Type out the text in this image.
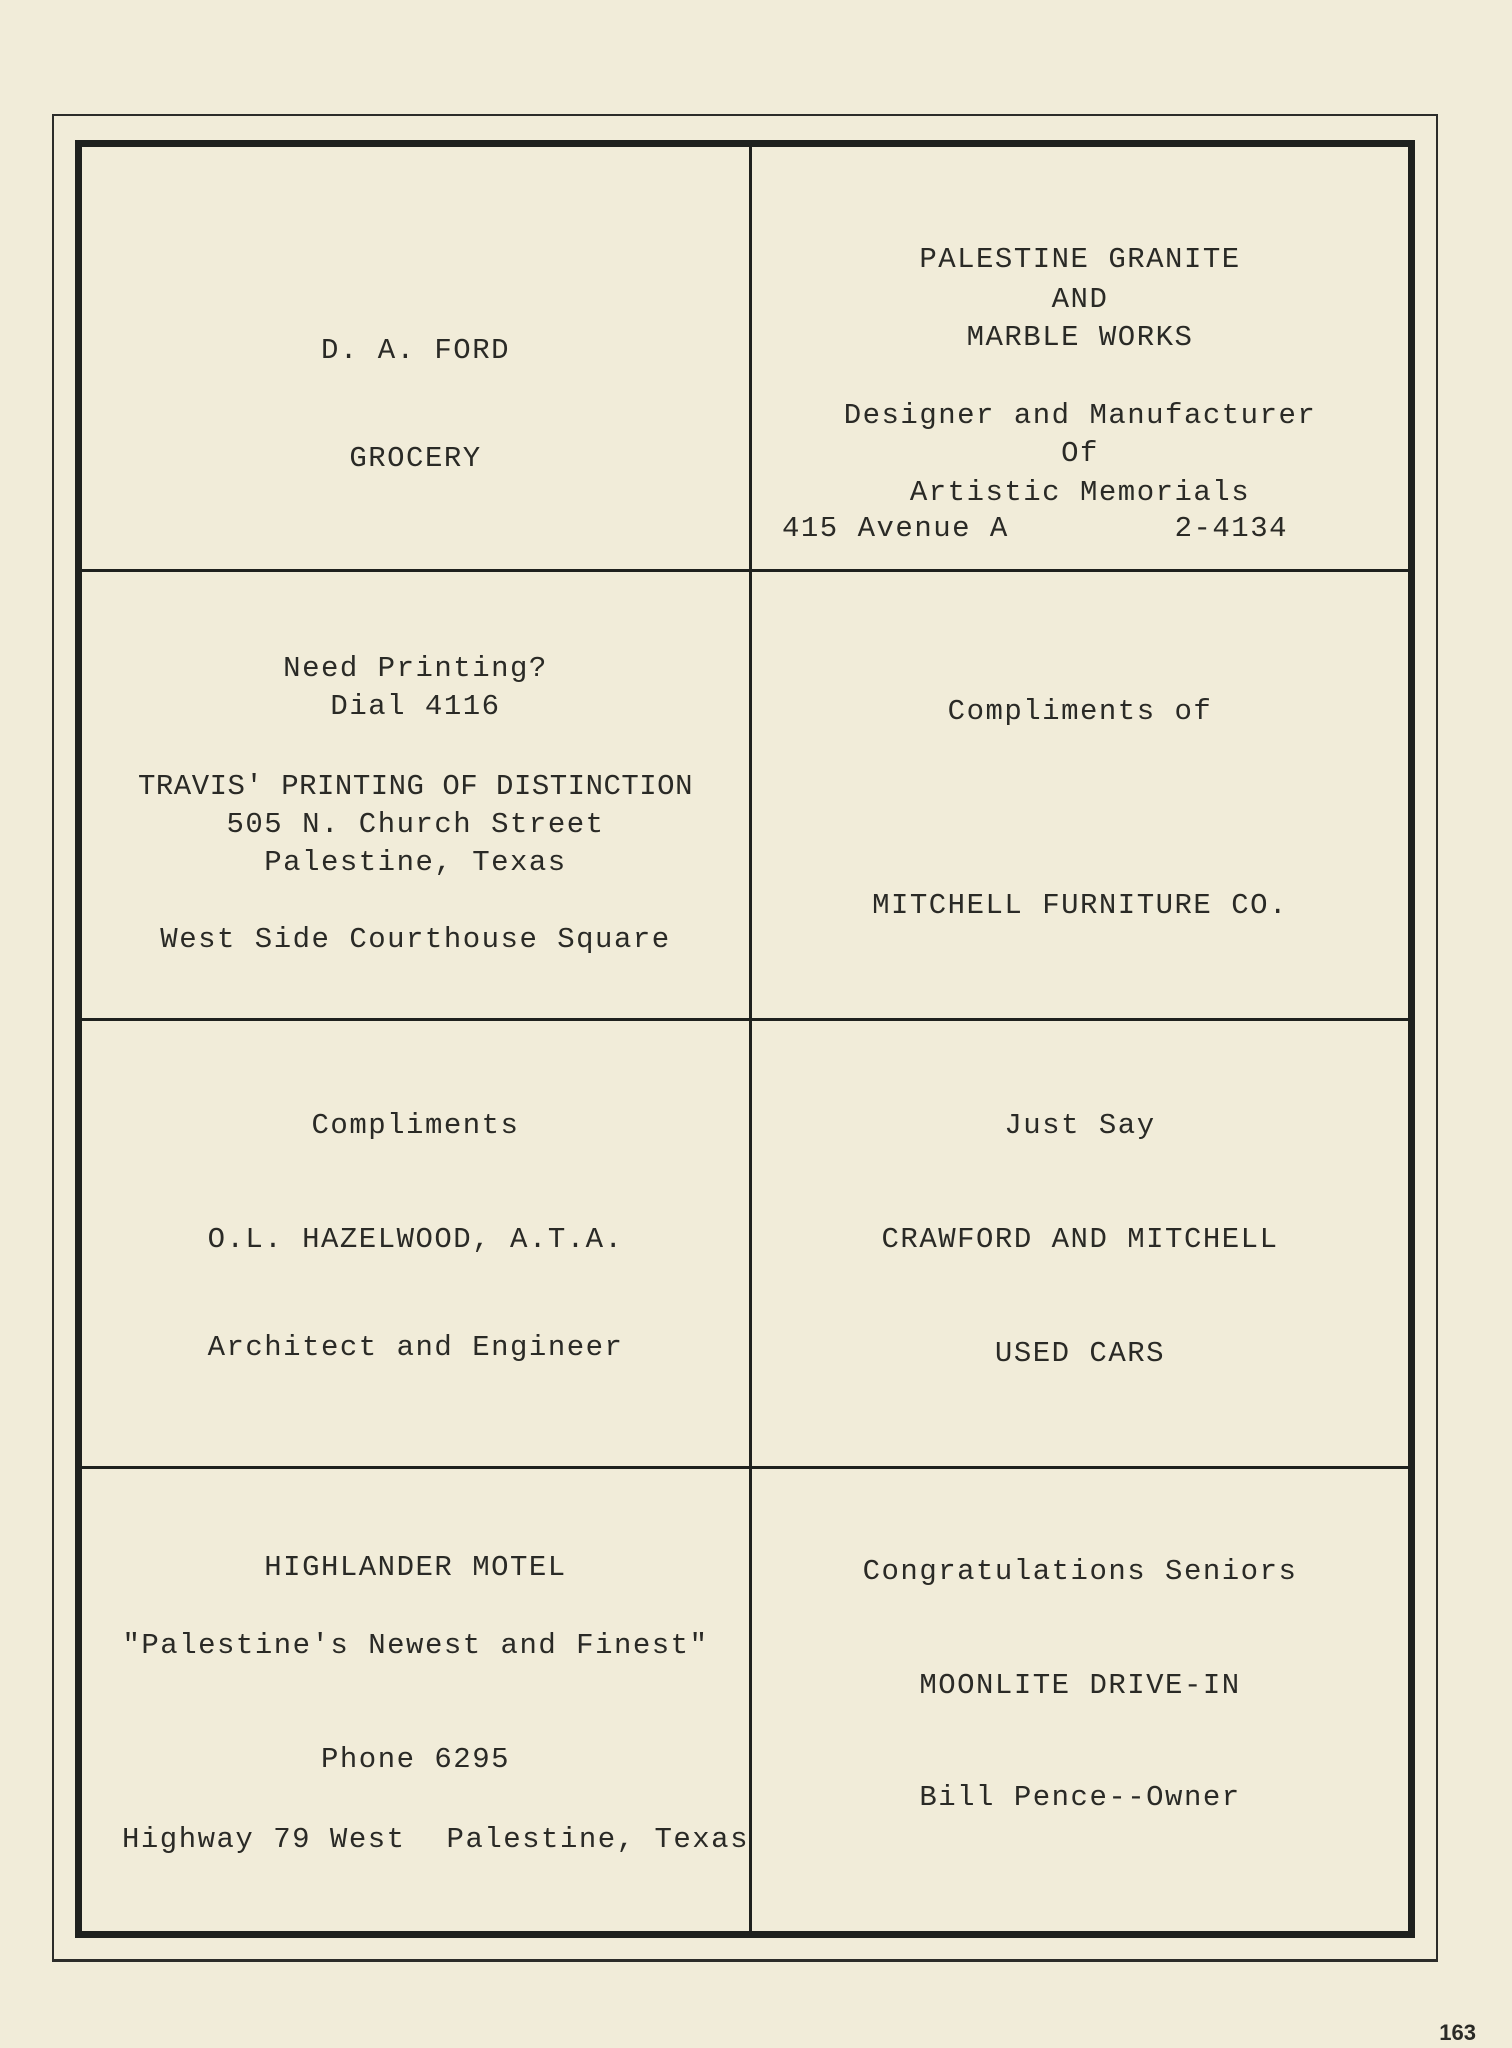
D. A. FORD
GROCERY
PALESTINE GRANITE
AND
MARBLE WORKS
Designer and Manufacturer
Of
Artistic Memorials
415 Avenue A	2-4134
Need Printing?
Dial 4116
TRAVIS' PRINTING OF DISTINCTION
505 N. Church Street
Palestine, Texas
West Side Courthouse Square
Compliments of
MITCHELL FURNITURE CO.
Compliments
O.L. HAZELWOOD, A.T.A.
Architect and Engineer
Just Say
CRAWFORD AND MITCHELL
USED CARS
HIGHLANDER MOTEL
"Palestine's Newest and Finest"
Phone 6295
Highway 79 West Palestine, Texas
Congratulations Seniors
MOONLITE DRIVE-IN
Bill Pence--Owner
163
